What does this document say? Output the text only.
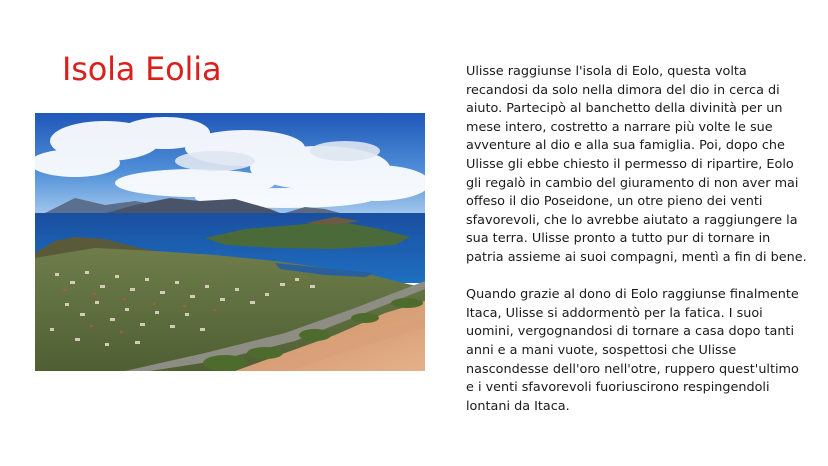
Isola Eolia	Ulisse raggiunse l'isola di Eolo, questa volta
recandosi da solo nella dimora del dio in cerca di
aiuto. Partecipò al banchetto della divinità per un
mese intero, costretto a narrare più volte le sue
avventure al dio e alla sua famiglia. Poi, dopo che
Ulisse gli ebbe chiesto il permesso di ripartire, Eolo
gli regalò in cambio del giuramento di non aver mai
offeso il dio Poseidone, un otre pieno dei venti
sfavorevoli, che lo avrebbe aiutato a raggiungere la
sua terra. Ulisse pronto a tutto pur di tornare in
patria assieme ai suoi compagni, mentì a fin di bene.

Quando grazie al dono di Eolo raggiunse finalmente
Itaca, Ulisse si addormentò per la fatica. I suoi
uomini, vergognandosi di tornare a casa dopo tanti
anni e a mani vuote, sospettosi che Ulisse
nascondesse dell'oro nell'otre, ruppero quest'ultimo
e i venti sfavorevoli fuoriuscirono respingendoli
lontani da Itaca.
